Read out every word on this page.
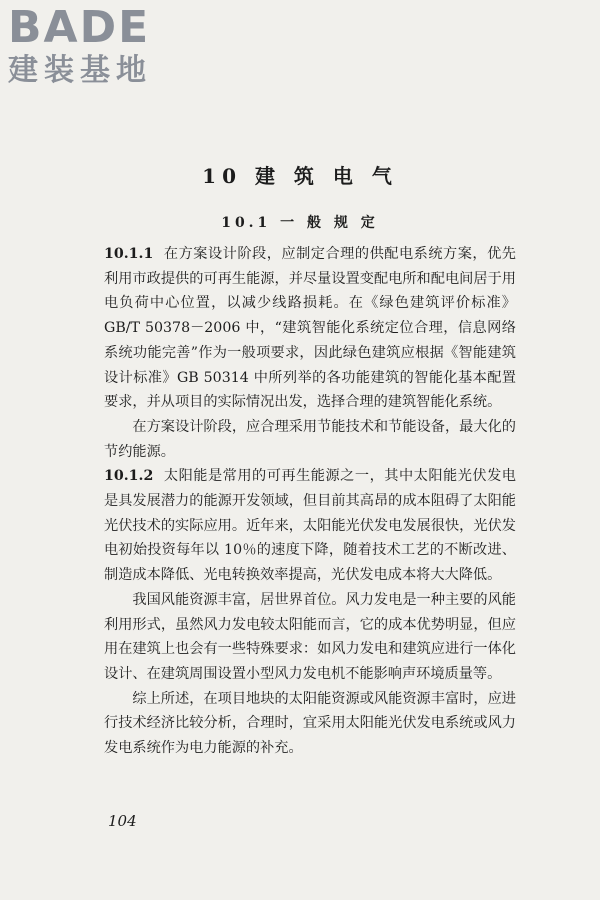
BADE
建装基地
10 建 筑 电 气
10.1 一 般 规 定

10.1.1 在方案设计阶段，应制定合理的供配电系统方案，优先利用市政提供的可再生能源，并尽量设置变配电所和配电间居于用电负荷中心位置，以减少线路损耗。在《绿色建筑评价标准》GB/T 50378－2006 中，“建筑智能化系统定位合理，信息网络系统功能完善”作为一般项要求，因此绿色建筑应根据《智能建筑设计标准》GB 50314 中所列举的各功能建筑的智能化基本配置要求，并从项目的实际情况出发，选择合理的建筑智能化系统。

在方案设计阶段，应合理采用节能技术和节能设备，最大化的节约能源。

10.1.2 太阳能是常用的可再生能源之一，其中太阳能光伏发电是具发展潜力的能源开发领域，但目前其高昂的成本阻碍了太阳能光伏技术的实际应用。近年来，太阳能光伏发电发展很快，光伏发电初始投资每年以 10％的速度下降，随着技术工艺的不断改进、制造成本降低、光电转换效率提高，光伏发电成本将大大降低。

我国风能资源丰富，居世界首位。风力发电是一种主要的风能利用形式，虽然风力发电较太阳能而言，它的成本优势明显，但应用在建筑上也会有一些特殊要求：如风力发电和建筑应进行一体化设计、在建筑周围设置小型风力发电机不能影响声环境质量等。

综上所述，在项目地块的太阳能资源或风能资源丰富时，应进行技术经济比较分析，合理时，宜采用太阳能光伏发电系统或风力发电系统作为电力能源的补充。

104
